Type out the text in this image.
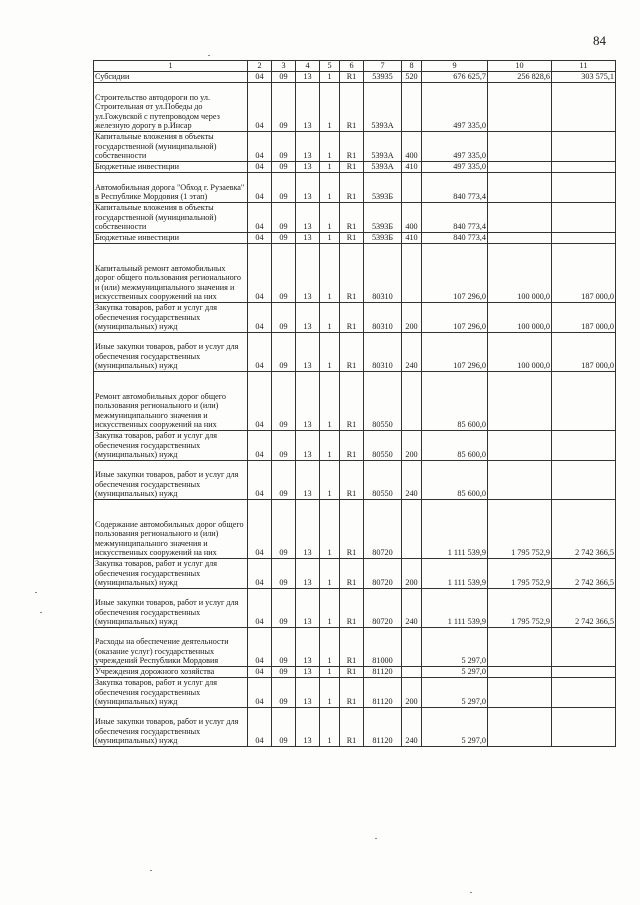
84
1	2	3	4	5	6	7	8	9	10	11
Субсидии	04	09	13	1	R1	53935	520	676 625,7	256 828,6	303 575,1
Строительство автодороги по ул. Строительная от ул.Победы до ул.Гожувской с путепроводом через железную дорогу в р.Инсар	04	09	13	1	R1	5393А		497 335,0		
Капитальные вложения в объекты государственной (муниципальной) собственности	04	09	13	1	R1	5393А	400	497 335,0		
Бюджетные инвестиции	04	09	13	1	R1	5393А	410	497 335,0		
Автомобильная дорога "Обход г. Рузаевка" в Республике Мордовия (1 этап)	04	09	13	1	R1	5393Б		840 773,4		
Капитальные вложения в объекты государственной (муниципальной) собственности	04	09	13	1	R1	5393Б	400	840 773,4		
Бюджетные инвестиции	04	09	13	1	R1	5393Б	410	840 773,4		
Капитальный ремонт автомобильных дорог общего пользования регионального и (или) межмуниципального значения и искусственных сооружений на них	04	09	13	1	R1	80310		107 296,0	100 000,0	187 000,0
Закупка товаров, работ и услуг для обеспечения государственных (муниципальных) нужд	04	09	13	1	R1	80310	200	107 296,0	100 000,0	187 000,0
Иные закупки товаров, работ и услуг для обеспечения государственных (муниципальных) нужд	04	09	13	1	R1	80310	240	107 296,0	100 000,0	187 000,0
Ремонт автомобильных дорог общего пользования регионального и (или) межмуниципального значения и искусственных сооружений на них	04	09	13	1	R1	80550		85 600,0		
Закупка товаров, работ и услуг для обеспечения государственных (муниципальных) нужд	04	09	13	1	R1	80550	200	85 600,0		
Иные закупки товаров, работ и услуг для обеспечения государственных (муниципальных) нужд	04	09	13	1	R1	80550	240	85 600,0		
Содержание автомобильных дорог общего пользования регионального и (или) межмуниципального значения и искусственных сооружений на них	04	09	13	1	R1	80720		1 111 539,9	1 795 752,9	2 742 366,5
Закупка товаров, работ и услуг для обеспечения государственных (муниципальных) нужд	04	09	13	1	R1	80720	200	1 111 539,9	1 795 752,9	2 742 366,5
Иные закупки товаров, работ и услуг для обеспечения государственных (муниципальных) нужд	04	09	13	1	R1	80720	240	1 111 539,9	1 795 752,9	2 742 366,5
Расходы на обеспечение деятельности (оказание услуг) государственных учреждений Республики Мордовия	04	09	13	1	R1	81000		5 297,0		
Учреждения дорожного хозяйства	04	09	13	1	R1	81120		5 297,0		
Закупка товаров, работ и услуг для обеспечения государственных (муниципальных) нужд	04	09	13	1	R1	81120	200	5 297,0		
Иные закупки товаров, работ и услуг для обеспечения государственных (муниципальных) нужд	04	09	13	1	R1	81120	240	5 297,0		
